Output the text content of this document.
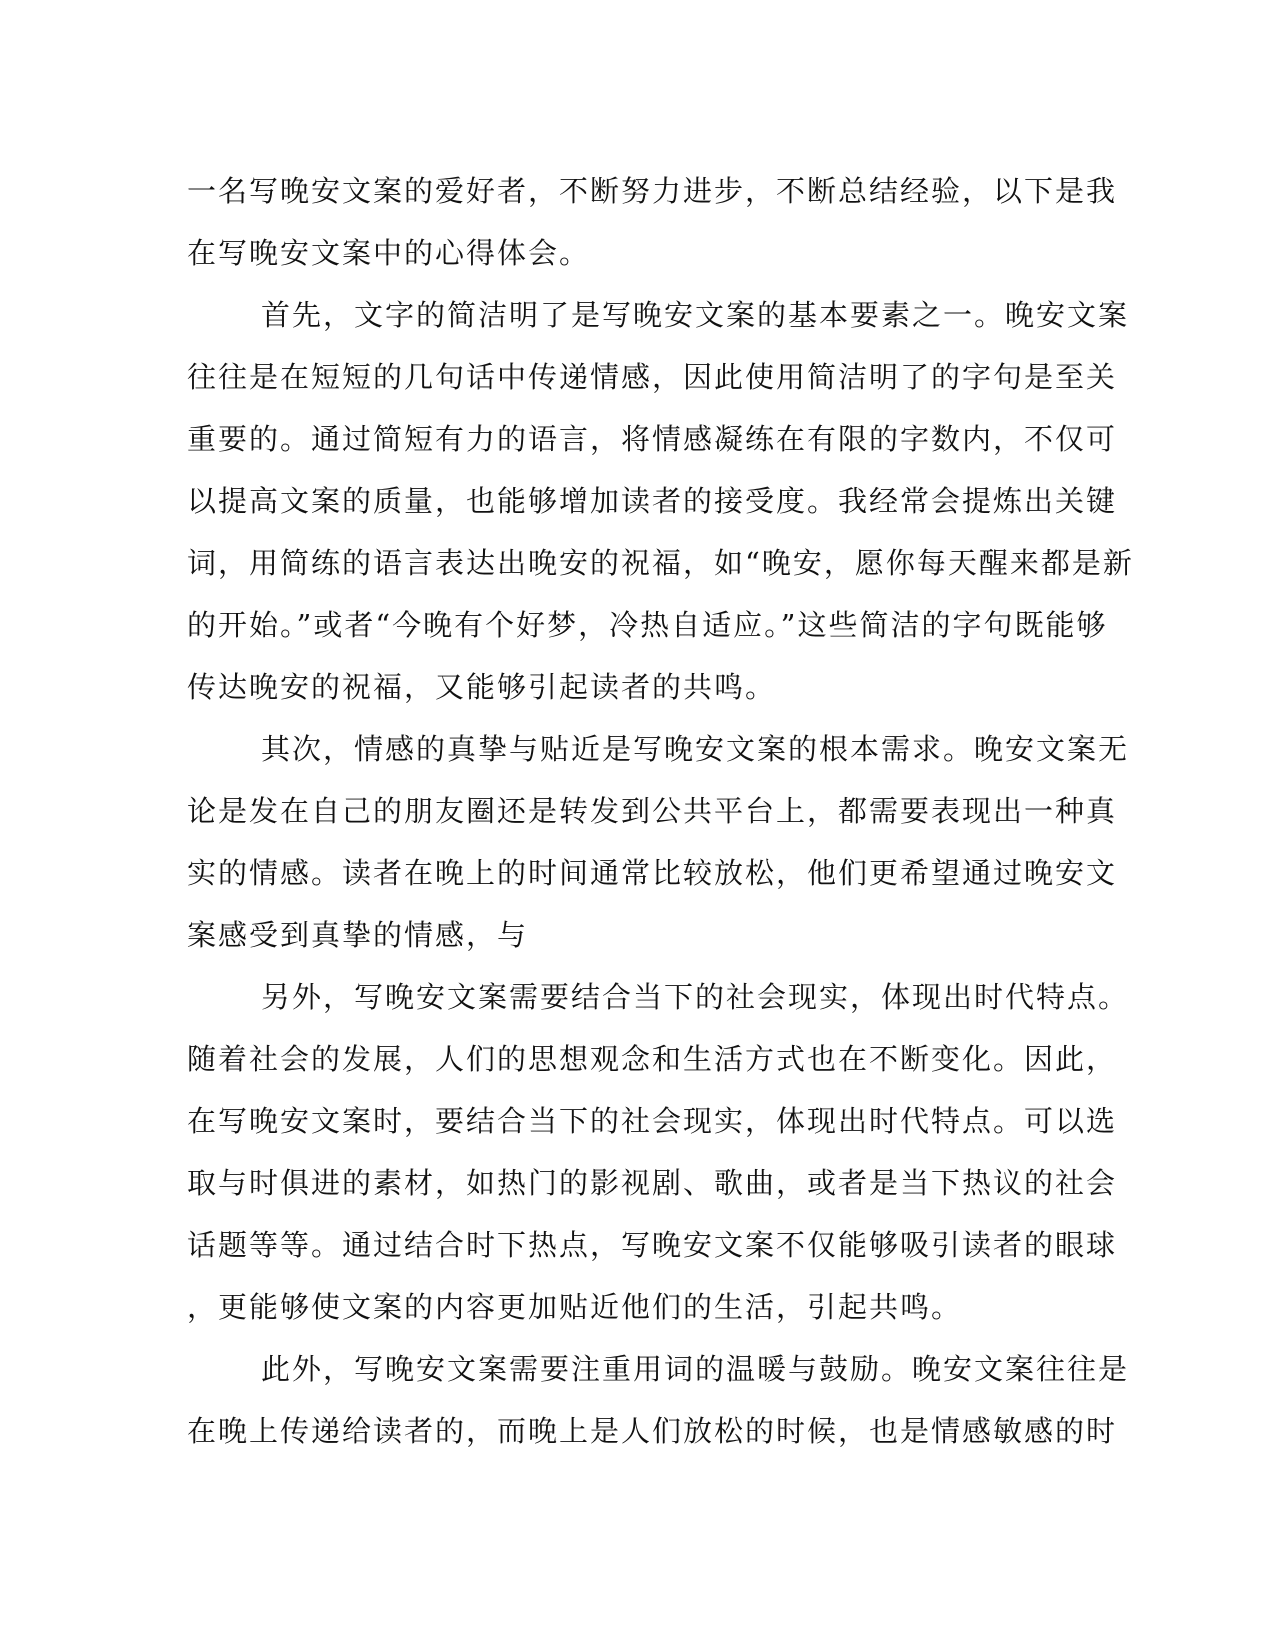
一名写晚安文案的爱好者，不断努力进步，不断总结经验，以下是我
在写晚安文案中的心得体会。
首先，文字的简洁明了是写晚安文案的基本要素之一。晚安文案
往往是在短短的几句话中传递情感，因此使用简洁明了的字句是至关
重要的。通过简短有力的语言，将情感凝练在有限的字数内，不仅可
以提高文案的质量，也能够增加读者的接受度。我经常会提炼出关键
词，用简练的语言表达出晚安的祝福，如“晚安，愿你每天醒来都是新
的开始。”或者“今晚有个好梦，冷热自适应。”这些简洁的字句既能够
传达晚安的祝福，又能够引起读者的共鸣。
其次，情感的真挚与贴近是写晚安文案的根本需求。晚安文案无
论是发在自己的朋友圈还是转发到公共平台上，都需要表现出一种真
实的情感。读者在晚上的时间通常比较放松，他们更希望通过晚安文
案感受到真挚的情感，与
另外，写晚安文案需要结合当下的社会现实，体现出时代特点。
随着社会的发展，人们的思想观念和生活方式也在不断变化。因此，
在写晚安文案时，要结合当下的社会现实，体现出时代特点。可以选
取与时俱进的素材，如热门的影视剧、歌曲，或者是当下热议的社会
话题等等。通过结合时下热点，写晚安文案不仅能够吸引读者的眼球
，更能够使文案的内容更加贴近他们的生活，引起共鸣。
此外，写晚安文案需要注重用词的温暖与鼓励。晚安文案往往是
在晚上传递给读者的，而晚上是人们放松的时候，也是情感敏感的时
